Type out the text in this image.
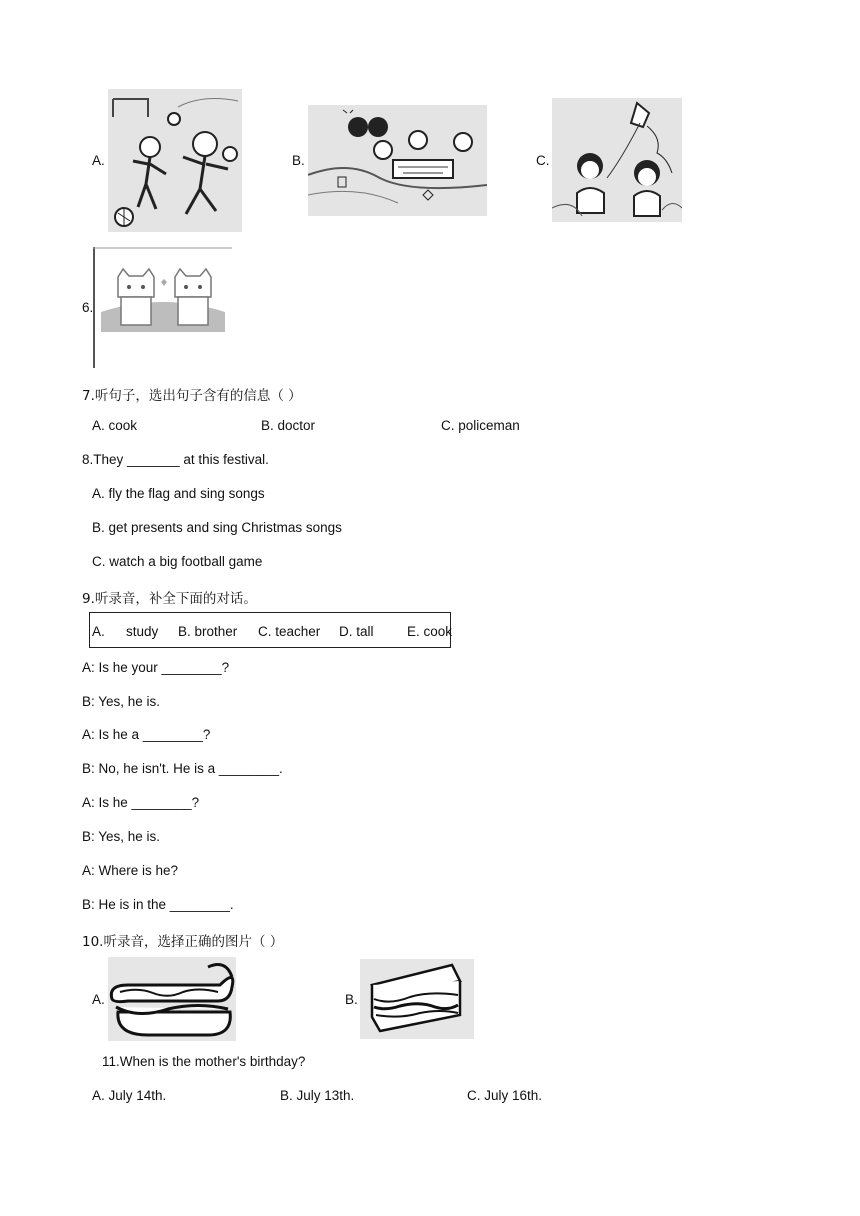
A.	B.	C.
6.
7.听句子，选出句子含有的信息（ ）
A. cook	B. doctor	C. policeman
8.They _______ at this festival.
A. fly the flag and sing songs
B. get presents and sing Christmas songs
C. watch a big football game
9.听录音，补全下面的对话。
A. study B. brother C. teacher D. tall E. cook
A: Is he your ________?
B: Yes, he is.
A: Is he a ________?
B: No, he isn't. He is a ________.
A: Is he ________?
B: Yes, he is.
A: Where is he?
B: He is in the ________.
10.听录音，选择正确的图片（ ）
A.	B.
11.When is the mother's birthday?
A. July 14th.	B. July 13th.	C. July 16th.
